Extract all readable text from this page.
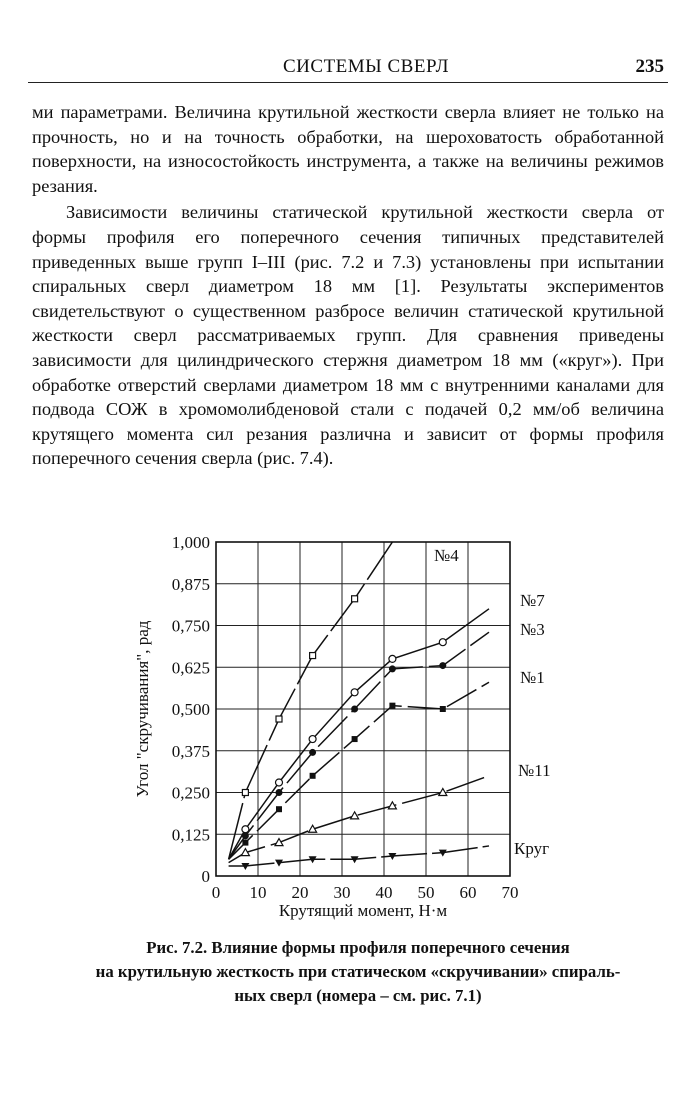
СИСТЕМЫ СВЕРЛ	235

ми параметрами. Величина крутильной жесткости сверла влияет не только на прочность, но и на точность обработки, на шероховатость обработанной поверхности, на износостойкость инструмента, а также на величины режимов резания.

Зависимости величины статической крутильной жесткости сверла от формы профиля его поперечного сечения типичных представителей приведенных выше групп I–III (рис. 7.2 и 7.3) установлены при испытании спиральных сверл диаметром 18 мм [1]. Результаты экспериментов свидетельствуют о существенном разбросе величин статической крутильной жесткости сверл рассматриваемых групп. Для сравнения приведены зависимости для цилиндрического стержня диаметром 18 мм («круг»). При обработке отверстий сверлами диаметром 18 мм с внутренними каналами для подвода СОЖ в хромомолибденовой стали с подачей 0,2 мм/об величина крутящего момента сил резания различна и зависит от формы профиля поперечного сечения сверла (рис. 7.4).

0 10 20 30 40 50 60 70
0
0,125
0,250
0,375
0,500
0,625
0,750
0,875
1,000
Крутящий момент, Н·м
Угол "скручивания", рад
№4
№7
№3
№1
№11
Круг
Рис. 7.2. Влияние формы профиля поперечного сечения
на крутильную жесткость при статическом «скручивании» спираль-
ных сверл (номера – см. рис. 7.1)
